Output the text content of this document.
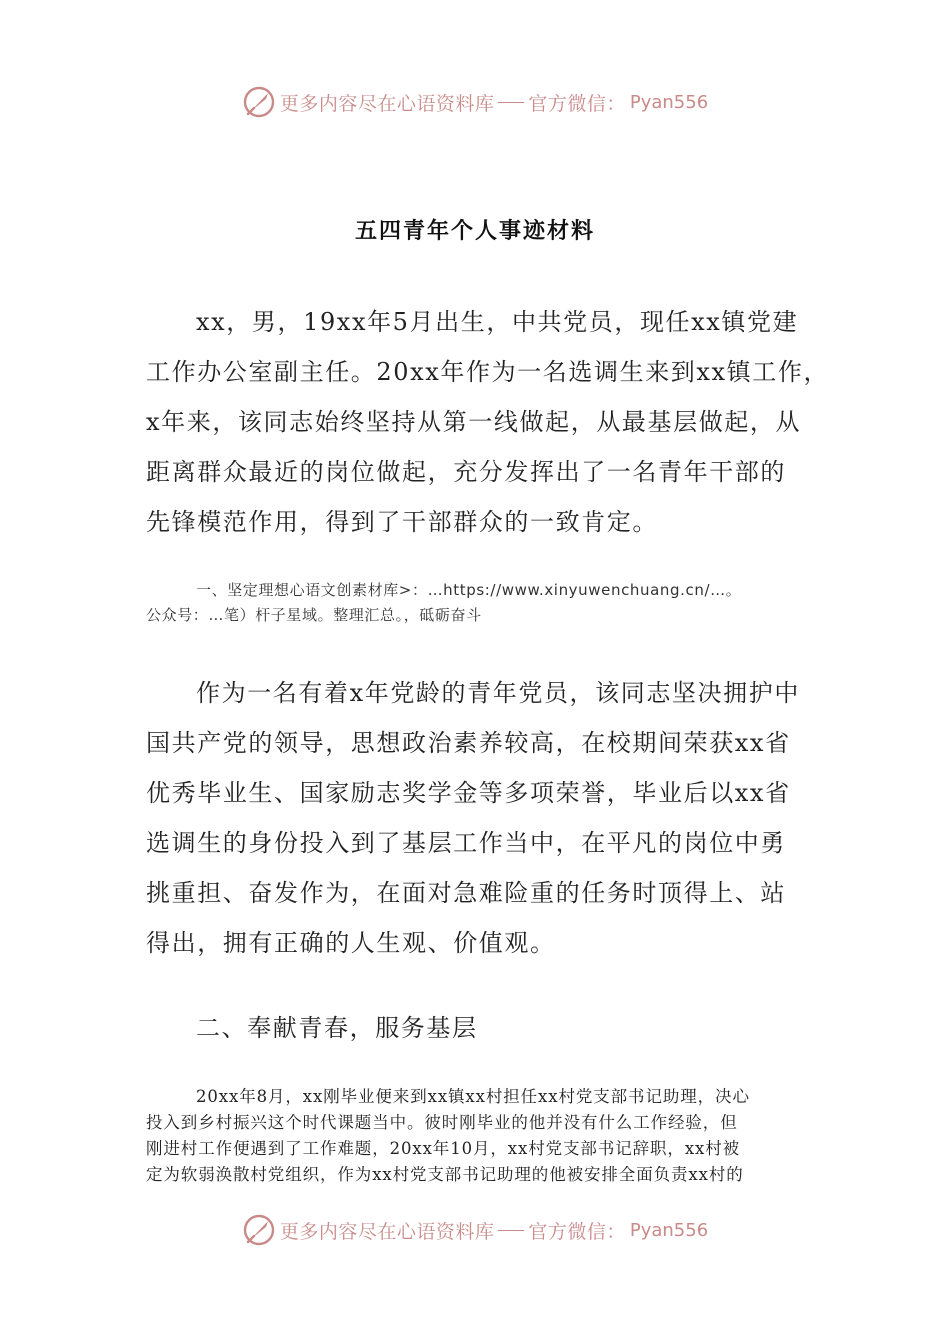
更多内容尽在心语资料库 官方微信： Pyan556
五四青年个人事迹材料
xx，男，19xx年5月出生，中共党员，现任xx镇党建
工作办公室副主任。20xx年作为一名选调生来到xx镇工作，
x年来，该同志始终坚持从第一线做起，从最基层做起，从
距离群众最近的岗位做起，充分发挥出了一名青年干部的
先锋模范作用，得到了干部群众的一致肯定。
一、坚定理想心语文创素材库>：…https://www.xinyuwenchuang.cn/…。
公众号：…笔）杆子星域。整理汇总。，砥砺奋斗
作为一名有着x年党龄的青年党员，该同志坚决拥护中
国共产党的领导，思想政治素养较高，在校期间荣获xx省
优秀毕业生、国家励志奖学金等多项荣誉，毕业后以xx省
选调生的身份投入到了基层工作当中，在平凡的岗位中勇
挑重担、奋发作为，在面对急难险重的任务时顶得上、站
得出，拥有正确的人生观、价值观。
二、奉献青春，服务基层
20xx年8月，xx刚毕业便来到xx镇xx村担任xx村党支部书记助理，决心
投入到乡村振兴这个时代课题当中。彼时刚毕业的他并没有什么工作经验，但
刚进村工作便遇到了工作难题，20xx年10月，xx村党支部书记辞职，xx村被
定为软弱涣散村党组织，作为xx村党支部书记助理的他被安排全面负责xx村的
更多内容尽在心语资料库 官方微信： Pyan556
